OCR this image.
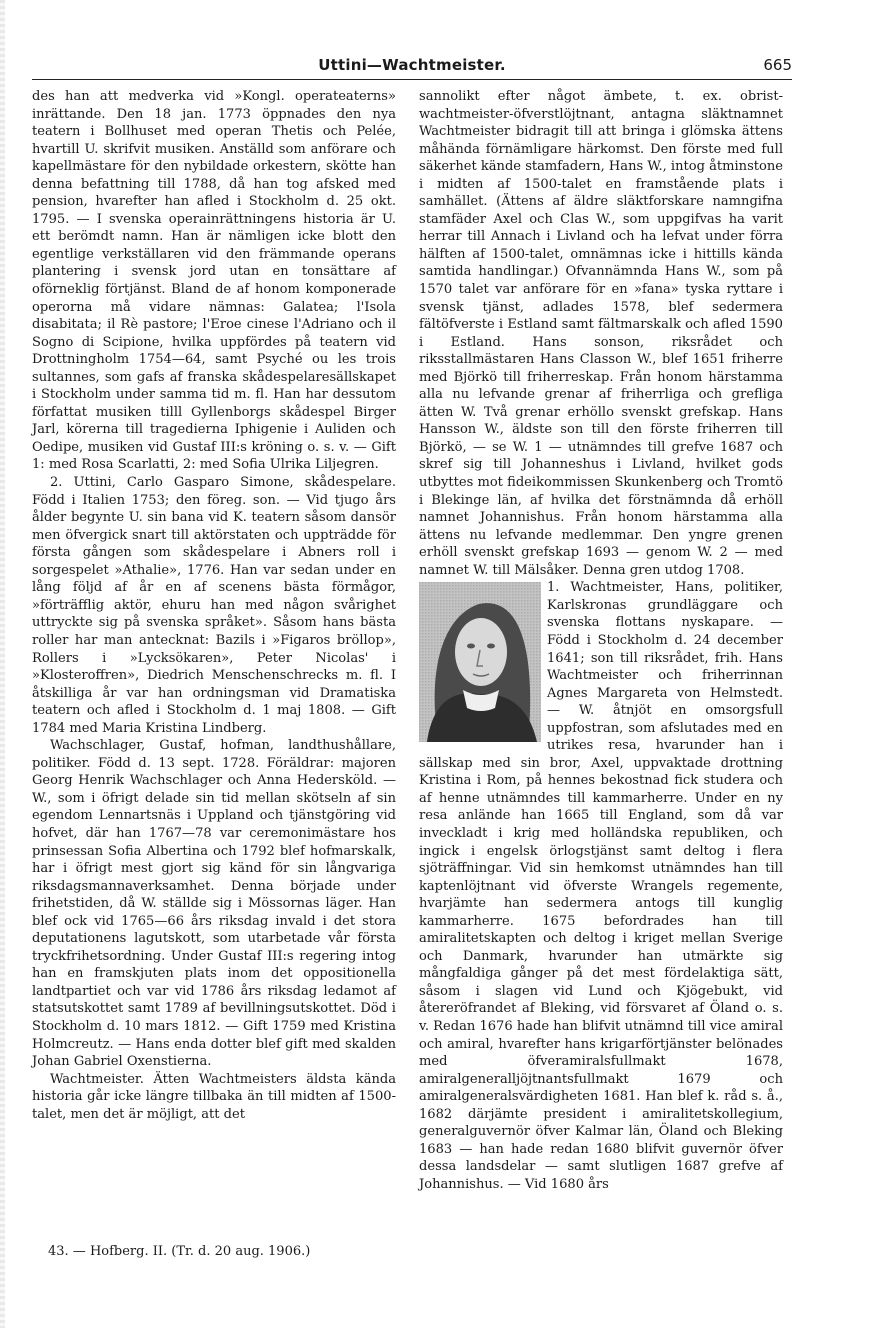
Uttini—Wachtmeister.	665

des han att medverka vid »Kongl. operateaterns» inrättande. Den 18 jan. 1773 öppnades den nya teatern i Bollhuset med operan Thetis och Pelée, hvartill U. skrifvit musiken. Anställd som anförare och kapellmästare för den nybildade orkestern, skötte han denna befattning till 1788, då han tog afsked med pension, hvarefter han afled i Stockholm d. 25 okt. 1795. — I svenska operainrättningens historia är U. ett berömdt namn. Han är nämligen icke blott den egentlige verkställaren vid den främmande operans plantering i svensk jord utan en tonsättare af oförneklig förtjänst. Bland de af honom komponerade operorna må vidare nämnas: Galatea; l'Isola disabitata; il Rè pastore; l'Eroe cinese l'Adriano och il Sogno di Scipione, hvilka uppfördes på teatern vid Drottningholm 1754—64, samt Psyché ou les trois sultannes, som gafs af franska skådespelaresällskapet i Stockholm under samma tid m. fl. Han har dessutom författat musiken tilll Gyllenborgs skådespel Birger Jarl, körerna till tragedierna Iphigenie i Auliden och Oedipe, musiken vid Gustaf III:s kröning o. s. v. — Gift 1: med Rosa Scarlatti, 2: med Sofia Ulrika Liljegren.

2. Uttini, Carlo Gasparo Simone, skådespelare. Född i Italien 1753; den föreg. son. — Vid tjugo års ålder begynte U. sin bana vid K. teatern såsom dansör men öfvergick snart till aktörstaten och uppträdde för första gången som skådespelare i Abners roll i sorgespelet »Athalie», 1776. Han var sedan under en lång följd af år en af scenens bästa förmågor, »förträfflig aktör, ehuru han med någon svårighet uttryckte sig på svenska språket». Såsom hans bästa roller har man antecknat: Bazils i »Figaros bröllop», Rollers i »Lycksökaren», Peter Nicolas' i »Klosteroffren», Diedrich Menschenschrecks m. fl. I åtskilliga år var han ordningsman vid Dramatiska teatern och afled i Stockholm d. 1 maj 1808. — Gift 1784 med Maria Kristina Lindberg.

Wachschlager, Gustaf, hofman, landthushållare, politiker. Född d. 13 sept. 1728. Föräldrar: majoren Georg Henrik Wachschlager och Anna Hedersköld. — W., som i öfrigt delade sin tid mellan skötseln af sin egendom Lennartsnäs i Uppland och tjänstgöring vid hofvet, där han 1767—78 var ceremonimästare hos prinsessan Sofia Albertina och 1792 blef hofmarskalk, har i öfrigt mest gjort sig känd för sin långvariga riksdagsmannaverksamhet. Denna började under frihetstiden, då W. ställde sig i Mössornas läger. Han blef ock vid 1765—66 års riksdag invald i det stora deputationens lagutskott, som utarbetade vår första tryckfrihetsordning. Under Gustaf III:s regering intog han en framskjuten plats inom det oppositionella landtpartiet och var vid 1786 års riksdag ledamot af statsutskottet samt 1789 af bevillningsutskottet. Död i Stockholm d. 10 mars 1812. — Gift 1759 med Kristina Holmcreutz. — Hans enda dotter blef gift med skalden Johan Gabriel Oxenstierna.

Wachtmeister. Ätten Wachtmeisters äldsta kända historia går icke längre tillbaka än till midten af 1500-talet, men det är möjligt, att det

sannolikt efter något ämbete, t. ex. obrist-wachtmeister-öfverstlöjtnant, antagna släktnamnet Wachtmeister bidragit till att bringa i glömska ättens måhända förnämligare härkomst. Den förste med full säkerhet kände stamfadern, Hans W., intog åtminstone i midten af 1500-talet en framstående plats i samhället. (Ättens af äldre släktforskare namngifna stamfäder Axel och Clas W., som uppgifvas ha varit herrar till Annach i Livland och ha lefvat under förra hälften af 1500-talet, omnämnas icke i hittills kända samtida handlingar.) Ofvannämnda Hans W., som på 1570 talet var anförare för en »fana» tyska ryttare i svensk tjänst, adlades 1578, blef sedermera fältöfverste i Estland samt fältmarskalk och afled 1590 i Estland. Hans sonson, riksrådet och riksstallmästaren Hans Classon W., blef 1651 friherre med Björkö till friherreskap. Från honom härstamma alla nu lefvande grenar af friherrliga och grefliga ätten W. Två grenar erhöllo svenskt grefskap. Hans Hansson W., äldste son till den förste friherren till Björkö, — se W. 1 — utnämndes till grefve 1687 och skref sig till Johanneshus i Livland, hvilket gods utbyttes mot fideikommissen Skunkenberg och Tromtö i Blekinge län, af hvilka det förstnämnda då erhöll namnet Johannishus. Från honom härstamma alla ättens nu lefvande medlemmar. Den yngre grenen erhöll svenskt grefskap 1693 — genom W. 2 — med namnet W. till Mälsåker. Denna gren utdog 1708.

1. Wachtmeister, Hans, politiker, Karlskronas grundläggare och svenska flottans nyskapare. — Född i Stockholm d. 24 december 1641; son till riksrådet, frih. Hans Wachtmeister och friherrinnan Agnes Margareta von Helmstedt. — W. åtnjöt en omsorgsfull uppfostran, som afslutades med en utrikes resa, hvarunder han i sällskap med sin bror, Axel, uppvaktade drottning Kristina i Rom, på hennes bekostnad fick studera och af henne utnämndes till kammarherre. Under en ny resa anlände han 1665 till England, som då var inveckladt i krig med holländska republiken, och ingick i engelsk örlogstjänst samt deltog i flera sjöträffningar. Vid sin hemkomst utnämndes han till kaptenlöjtnant vid öfverste Wrangels regemente, hvarjämte han sedermera antogs till kunglig kammarherre. 1675 befordrades han till amiralitetskapten och deltog i kriget mellan Sverige och Danmark, hvarunder han utmärkte sig mångfaldiga gånger på det mest fördelaktiga sätt, såsom i slagen vid Lund och Kjögebukt, vid återeröfrandet af Bleking, vid försvaret af Öland o. s. v. Redan 1676 hade han blifvit utnämnd till vice amiral och amiral, hvarefter hans krigarförtjänster belönades med öfveramiralsfullmakt 1678, amiralgeneralljöjtnantsfullmakt 1679 och amiralgeneralsvärdigheten 1681. Han blef k. råd s. å., 1682 därjämte president i amiralitetskollegium, generalguvernör öfver Kalmar län, Öland och Bleking 1683 — han hade redan 1680 blifvit guvernör öfver dessa landsdelar — samt slutligen 1687 grefve af Johannishus. — Vid 1680 års

43. — Hofberg. II. (Tr. d. 20 aug. 1906.)
